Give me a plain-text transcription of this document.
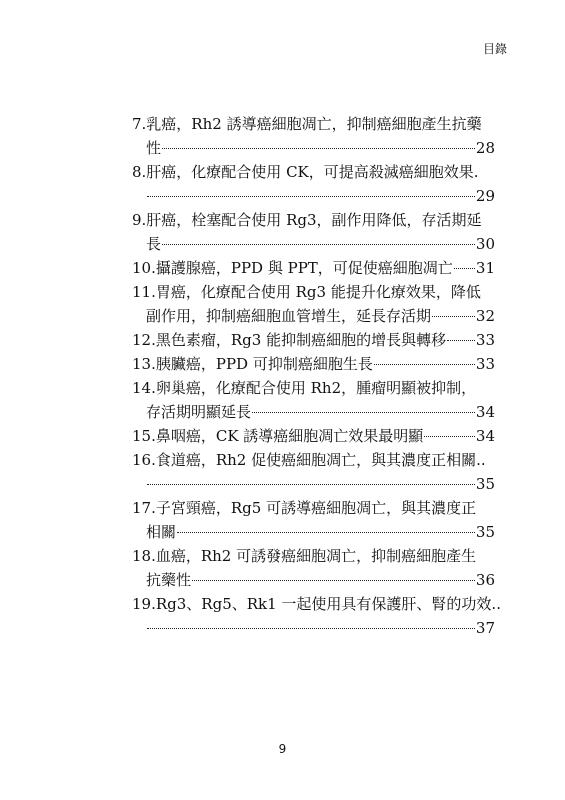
目錄
7.乳癌，Rh2 誘導癌細胞凋亡，抑制癌細胞產生抗藥
性	28
8.肝癌，化療配合使用 CK，可提高殺滅癌細胞效果.
29
9.肝癌，栓塞配合使用 Rg3，副作用降低，存活期延
長	30
10.攝護腺癌，PPD 與 PPT，可促使癌細胞凋亡 31
11.胃癌，化療配合使用 Rg3 能提升化療效果，降低
副作用，抑制癌細胞血管增生，延長存活期	32
12.黑色素瘤，Rg3 能抑制癌細胞的增長與轉移 33
13.胰臟癌，PPD 可抑制癌細胞生長	33
14.卵巢癌，化療配合使用 Rh2，腫瘤明顯被抑制，
存活期明顯延長	34
15.鼻咽癌，CK 誘導癌細胞凋亡效果最明顯	34
16.食道癌，Rh2 促使癌細胞凋亡，與其濃度正相關..
35
17.子宮頸癌，Rg5 可誘導癌細胞凋亡，與其濃度正
相關	35
18.血癌，Rh2 可誘發癌細胞凋亡，抑制癌細胞產生
抗藥性	36
19.Rg3、Rg5、Rk1 一起使用具有保護肝、腎的功效..
37
9
